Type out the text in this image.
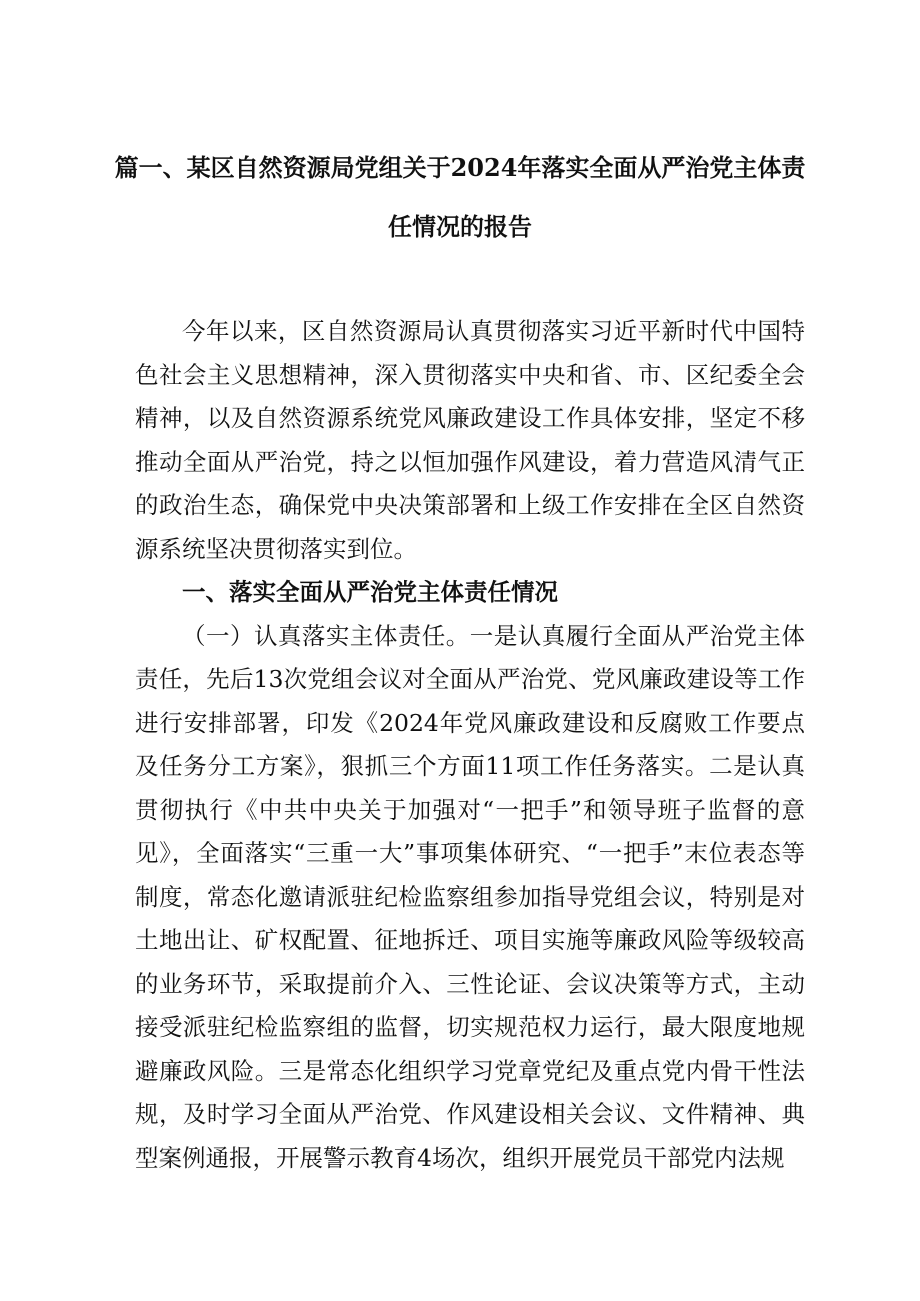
篇一、某区自然资源局党组关于2024年落实全面从严治党主体责
任情况的报告

今年以来，区自然资源局认真贯彻落实习近平新时代中国特色社会主义思想精神，深入贯彻落实中央和省、市、区纪委全会精神，以及自然资源系统党风廉政建设工作具体安排，坚定不移推动全面从严治党，持之以恒加强作风建设，着力营造风清气正的政治生态，确保党中央决策部署和上级工作安排在全区自然资源系统坚决贯彻落实到位。

一、落实全面从严治党主体责任情况

（一）认真落实主体责任。一是认真履行全面从严治党主体责任，先后13次党组会议对全面从严治党、党风廉政建设等工作进行安排部署，印发《2024年党风廉政建设和反腐败工作要点及任务分工方案》，狠抓三个方面11项工作任务落实。二是认真贯彻执行《中共中央关于加强对“一把手”和领导班子监督的意见》，全面落实“三重一大”事项集体研究、“一把手”末位表态等制度，常态化邀请派驻纪检监察组参加指导党组会议，特别是对土地出让、矿权配置、征地拆迁、项目实施等廉政风险等级较高的业务环节，采取提前介入、三性论证、会议决策等方式，主动接受派驻纪检监察组的监督，切实规范权力运行，最大限度地规避廉政风险。三是常态化组织学习党章党纪及重点党内骨干性法规，及时学习全面从严治党、作风建设相关会议、文件精神、典型案例通报，开展警示教育4场次，组织开展党员干部党内法规
